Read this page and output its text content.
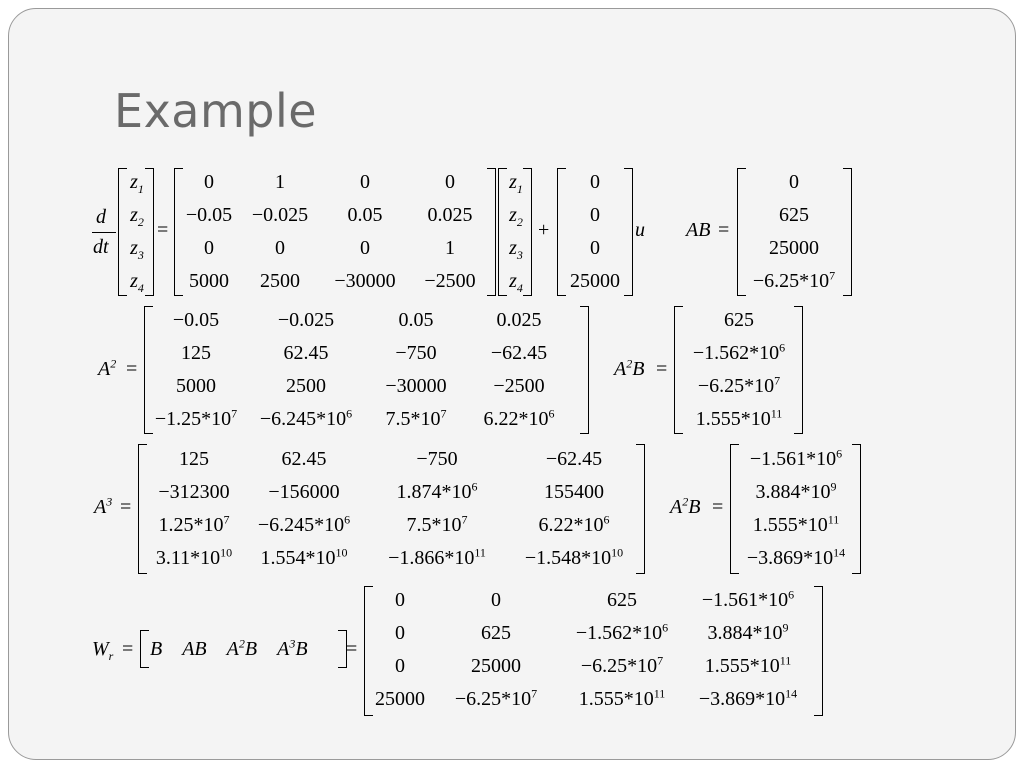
Example
d
dt
$z_1$
$z_2$
$z_3$
$z_4$
=
0	1	0	0
−0.05	−0.025	0.05	0.025
0	0	0	1
5000	2500	−30000	−2500
$z_1$
$z_2$
$z_3$
$z_4$
+
0
0
0
25000
u AB =
0
625
25000
$-6.25*10^7$
$A^2$ =
−0.05	−0.025	0.05	0.025
125	62.45	−750	−62.45
5000	2500	−30000	−2500
$-1.25*10^7$	$-6.245*10^6$	$7.5*10^7$	$6.22*10^6$
$A^2B$ =
625
$-1.562*10^6$
$-6.25*10^7$
$1.555*10^{11}$
$A^3$ =
125	62.45	−750	−62.45
−312300	−156000	$1.874*10^6$	155400
$1.25*10^7$	$-6.245*10^6$	$7.5*10^7$	$6.22*10^6$
$3.11*10^{10}$	$1.554*10^{10}$	$-1.866*10^{11}$	$-1.548*10^{10}$
$A^2B$ =
$-1.561*10^6$
$3.884*10^9$
$1.555*10^{11}$
$-3.869*10^{14}$
$W_r = B$    AB    $A^2B$    $A^3B$ =
0	0	625	$-1.561*10^6$
0	625	$-1.562*10^6$	$3.884*10^9$
0	25000	$-6.25*10^7$	$1.555*10^{11}$
25000	$-6.25*10^7$	$1.555*10^{11}$	$-3.869*10^{14}$
